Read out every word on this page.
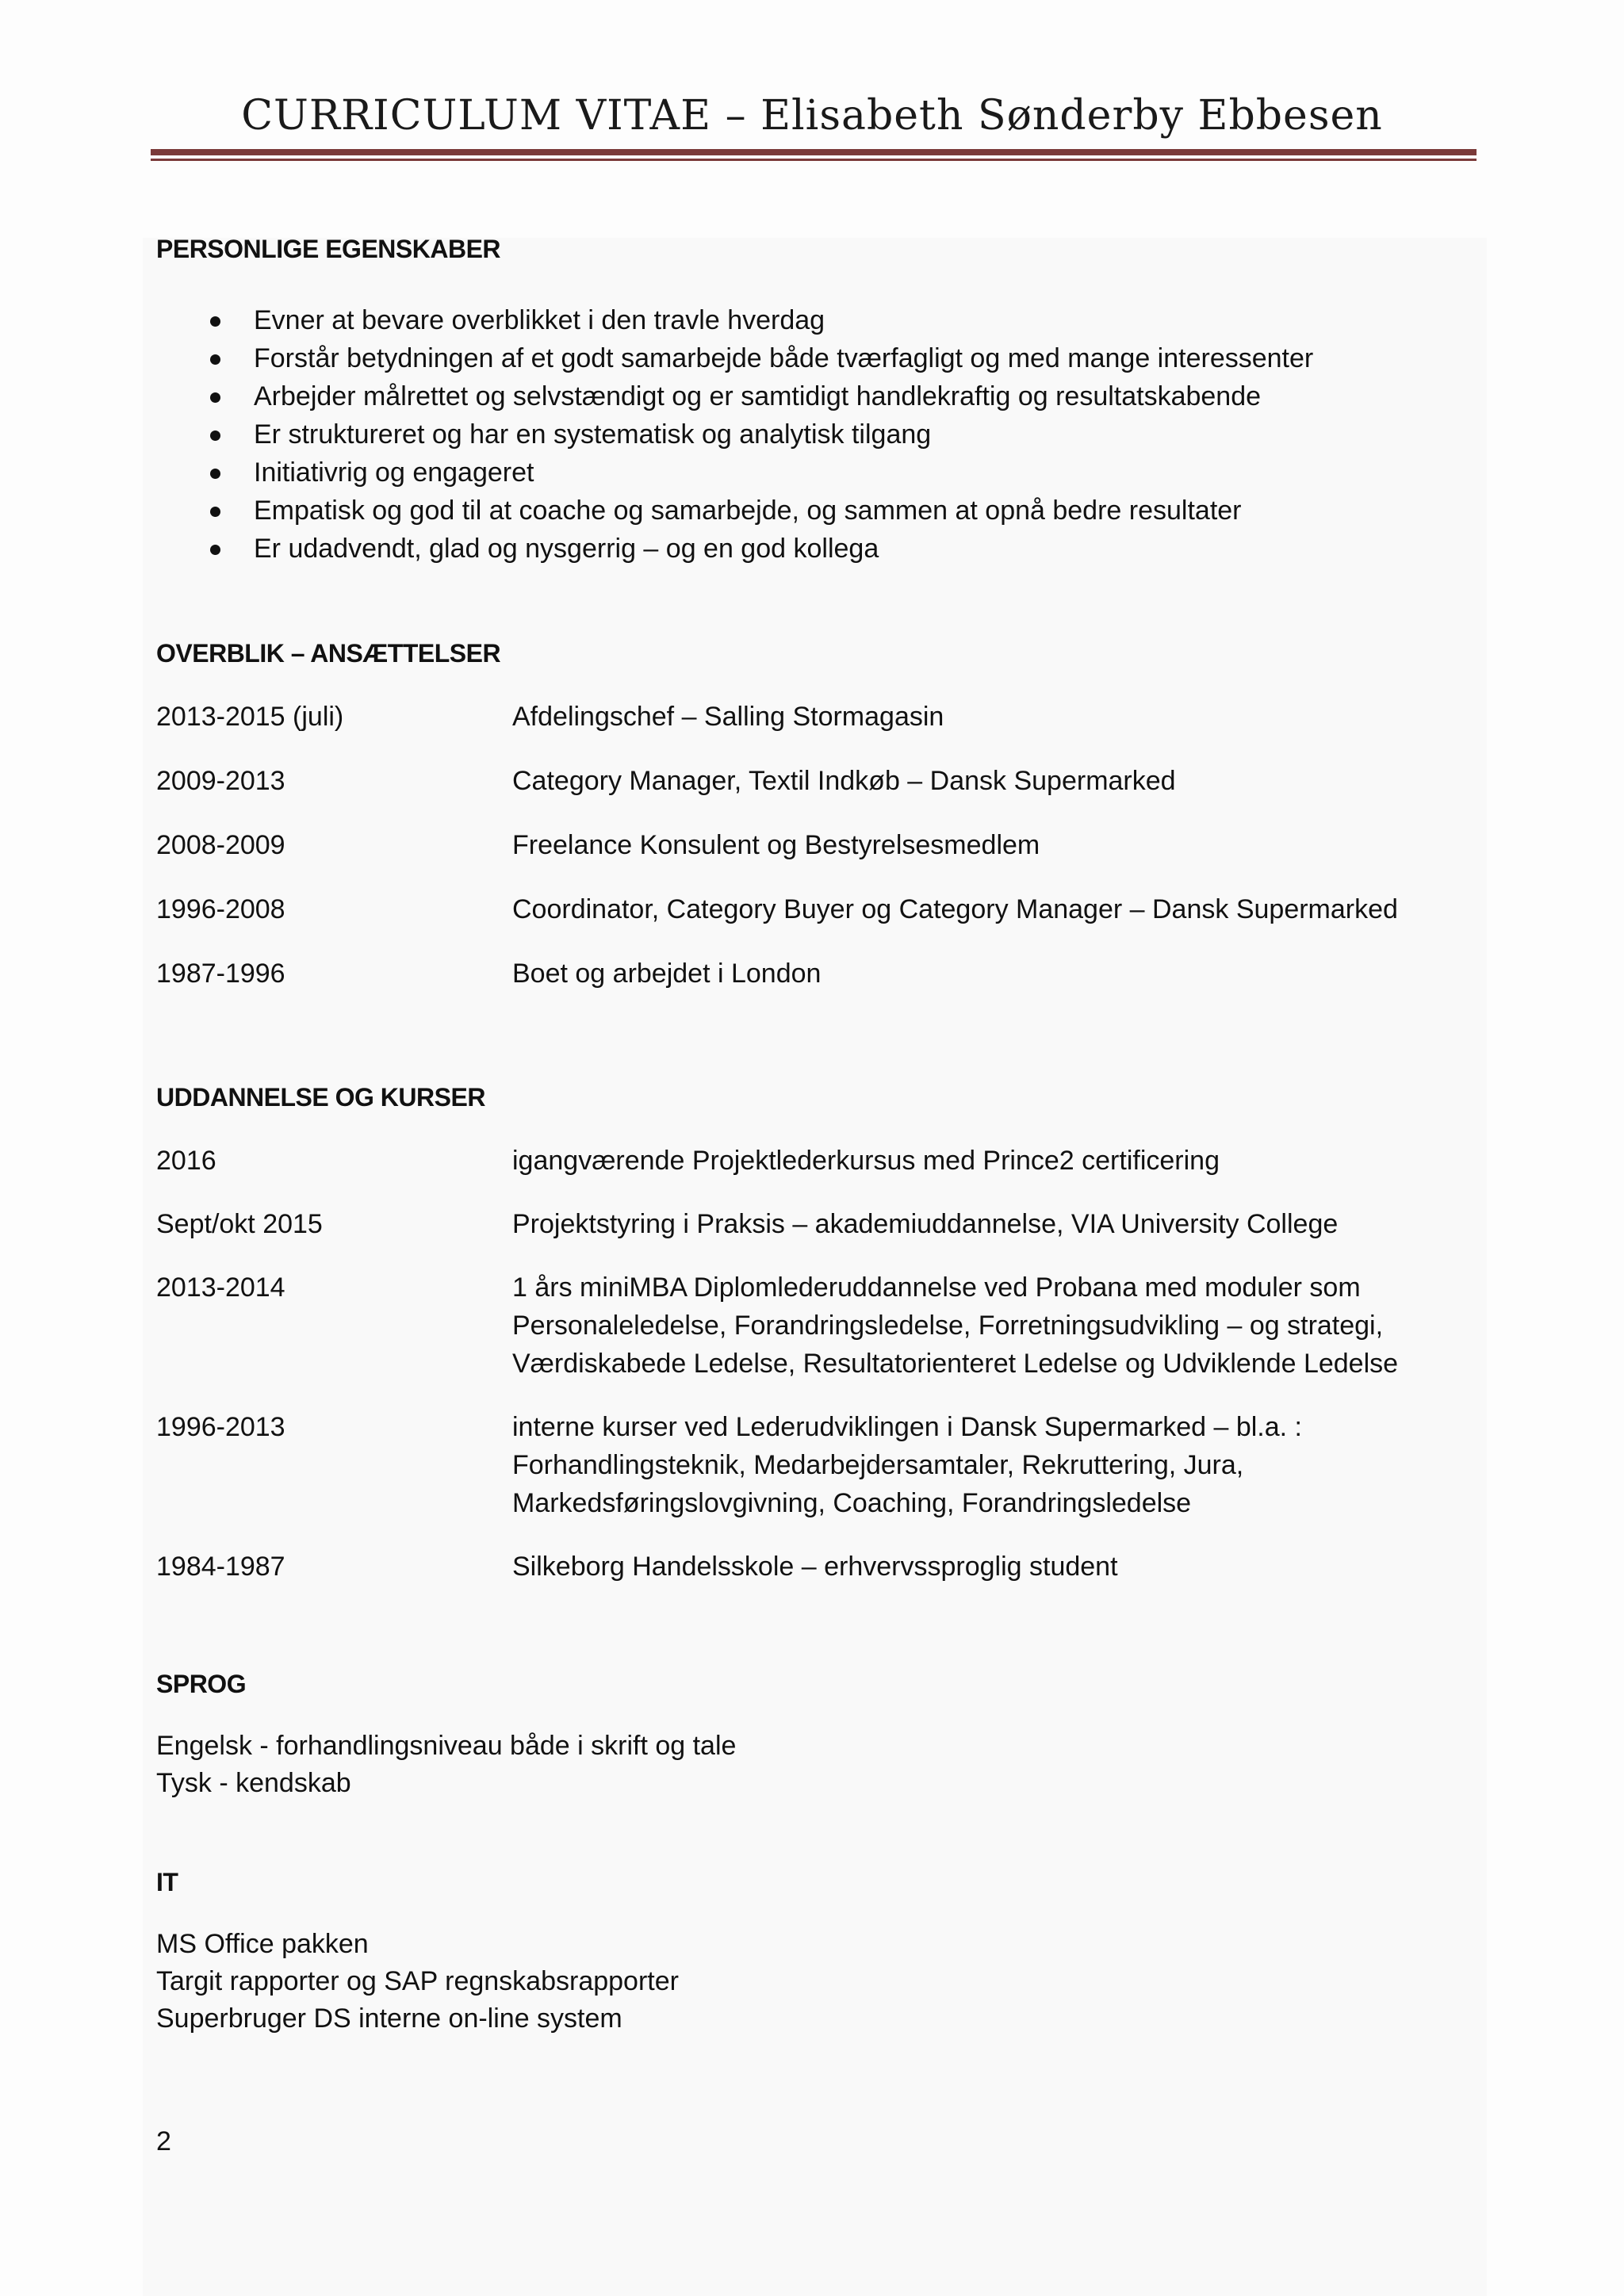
CURRICULUM VITAE – Elisabeth Sønderby Ebbesen
PERSONLIGE EGENSKABER
Evner at bevare overblikket i den travle hverdag
Forstår betydningen af et godt samarbejde både tværfagligt og med mange interessenter
Arbejder målrettet og selvstændigt og er samtidigt handlekraftig og resultatskabende
Er struktureret og har en systematisk og analytisk tilgang
Initiativrig og engageret
Empatisk og god til at coache og samarbejde, og sammen at opnå bedre resultater
Er udadvendt, glad og nysgerrig – og en god kollega
OVERBLIK – ANSÆTTELSER
2013-2015 (juli)	Afdelingschef – Salling Stormagasin
2009-2013	Category Manager, Textil Indkøb – Dansk Supermarked
2008-2009	Freelance Konsulent og Bestyrelsesmedlem
1996-2008	Coordinator, Category Buyer og Category Manager – Dansk Supermarked
1987-1996	Boet og arbejdet i London
UDDANNELSE OG KURSER
2016	igangværende Projektlederkursus med Prince2 certificering
Sept/okt 2015	Projektstyring i Praksis – akademiuddannelse, VIA University College
2013-2014	1 års miniMBA Diplomlederuddannelse ved Probana med moduler som
Personaleledelse, Forandringsledelse, Forretningsudvikling – og strategi,
Værdiskabede Ledelse, Resultatorienteret Ledelse og Udviklende Ledelse
1996-2013	interne kurser ved Lederudviklingen i Dansk Supermarked – bl.a. :
Forhandlingsteknik, Medarbejdersamtaler, Rekruttering, Jura,
Markedsføringslovgivning, Coaching, Forandringsledelse
1984-1987	Silkeborg Handelsskole – erhvervssproglig student
SPROG
Engelsk - forhandlingsniveau både i skrift og tale
Tysk - kendskab
IT
MS Office pakken
Targit rapporter og SAP regnskabsrapporter
Superbruger DS interne on-line system
2
